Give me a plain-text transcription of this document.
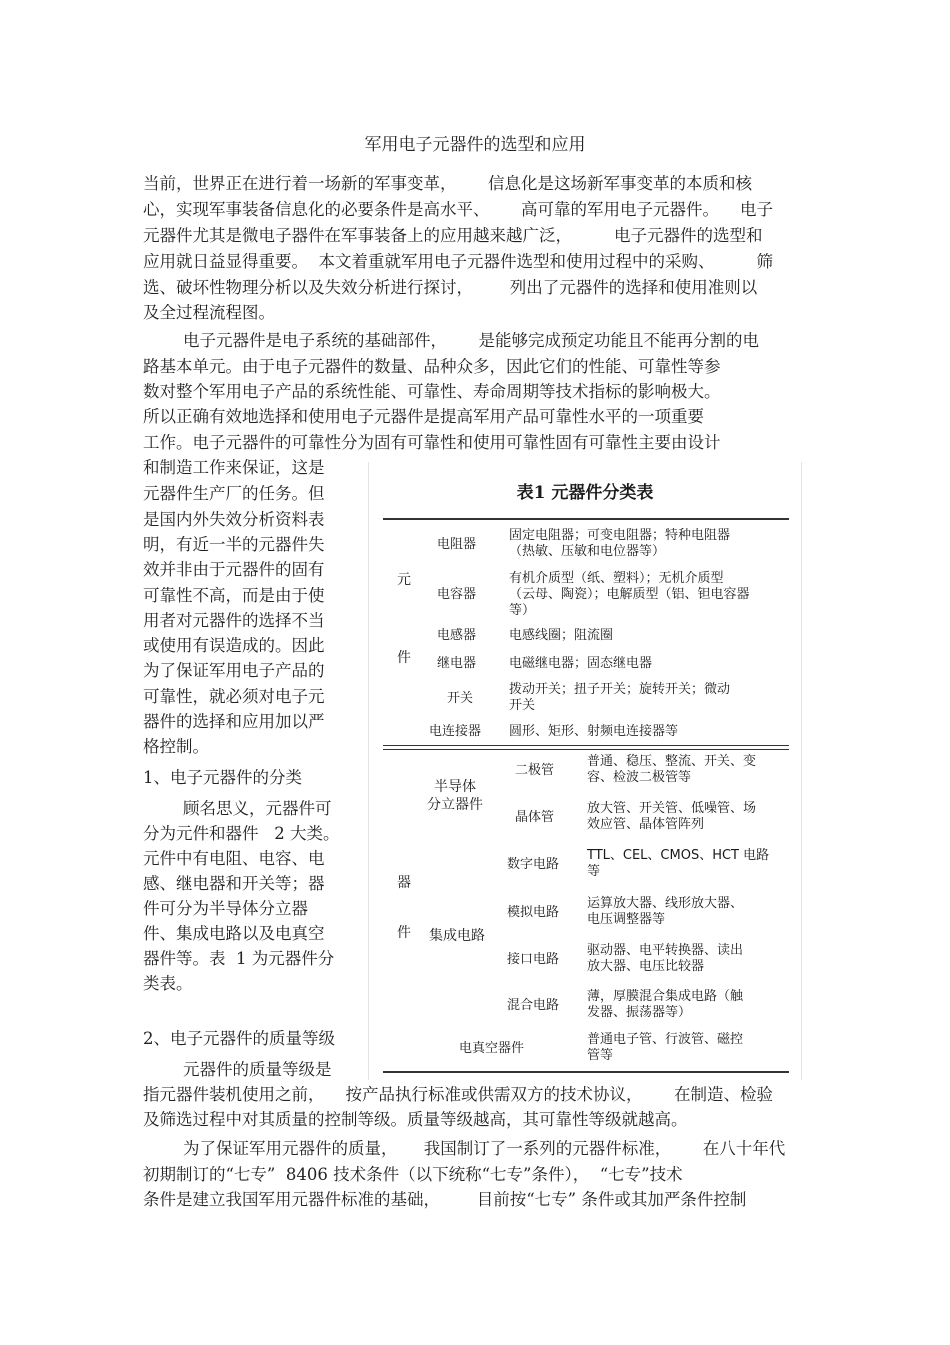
军用电子元器件的选型和应用
当前，世界正在进行着一场新的军事变革，      信息化是这场新军事变革的本质和核
心，实现军事装备信息化的必要条件是高水平、      高可靠的军用电子元器件。    电子
元器件尤其是微电子器件在军事装备上的应用越来越广泛，        电子元器件的选型和
应用就日益显得重要。  本文着重就军用电子元器件选型和使用过程中的采购、        筛
选、破坏性物理分析以及失效分析进行探讨，       列出了元器件的选择和使用准则以
及全过程流程图。
电子元器件是电子系统的基础部件，      是能够完成预定功能且不能再分割的电
路基本单元。由于电子元器件的数量、品种众多，因此它们的性能、可靠性等参
数对整个军用电子产品的系统性能、可靠性、寿命周期等技术指标的影响极大。
所以正确有效地选择和使用电子元器件是提高军用产品可靠性水平的一项重要
工作。电子元器件的可靠性分为固有可靠性和使用可靠性固有可靠性主要由设计
和制造工作来保证，这是
元器件生产厂的任务。但
是国内外失效分析资料表
明，有近一半的元器件失
效并非由于元器件的固有
可靠性不高，而是由于使
用者对元器件的选择不当
或使用有误造成的。因此
为了保证军用电子产品的
可靠性，就必须对电子元
器件的选择和应用加以严
格控制。
1、电子元器件的分类
顾名思义，元器件可
分为元件和器件   2 大类。
元件中有电阻、电容、电
感、继电器和开关等；器
件可分为半导体分立器
件、集成电路以及电真空
器件等。表  1 为元器件分
类表。
2、电子元器件的质量等级
元器件的质量等级是
指元器件装机使用之前，    按产品执行标准或供需双方的技术协议，      在制造、检验
及筛选过程中对其质量的控制等级。质量等级越高，其可靠性等级就越高。
为了保证军用元器件的质量，     我国制订了一系列的元器件标准，      在八十年代
初期制订的“七专”  8406 技术条件（以下统称“七专”条件），  “七专”技术
条件是建立我国军用元器件标准的基础，       目前按“七专” 条件或其加严条件控制
表1 元器件分类表
元
件
器
件
半导体
分立器件
集成电路
电阻器
电容器
电感器
继电器
开关
电连接器
二极管
晶体管
数字电路
模拟电路
接口电路
混合电路
电真空器件
固定电阻器；可变电阻器；特种电阻器
（热敏、压敏和电位器等）
有机介质型（纸、塑料）；无机介质型
（云母、陶瓷）；电解质型（铝、钽电容器
等）
电感线圈；阻流圈
电磁继电器；固态继电器
拨动开关；扭子开关；旋转开关；微动
开关
圆形、矩形、射频电连接器等
普通、稳压、整流、开关、变
容、检波二极管等
放大管、开关管、低噪管、场
效应管、晶体管阵列
TTL、CEL、CMOS、HCT 电路
等
运算放大器、线形放大器、
电压调整器等
驱动器、电平转换器、读出
放大器、电压比较器
薄，厚膜混合集成电路（触
发器、振荡器等）
普通电子管、行波管、磁控
管等
